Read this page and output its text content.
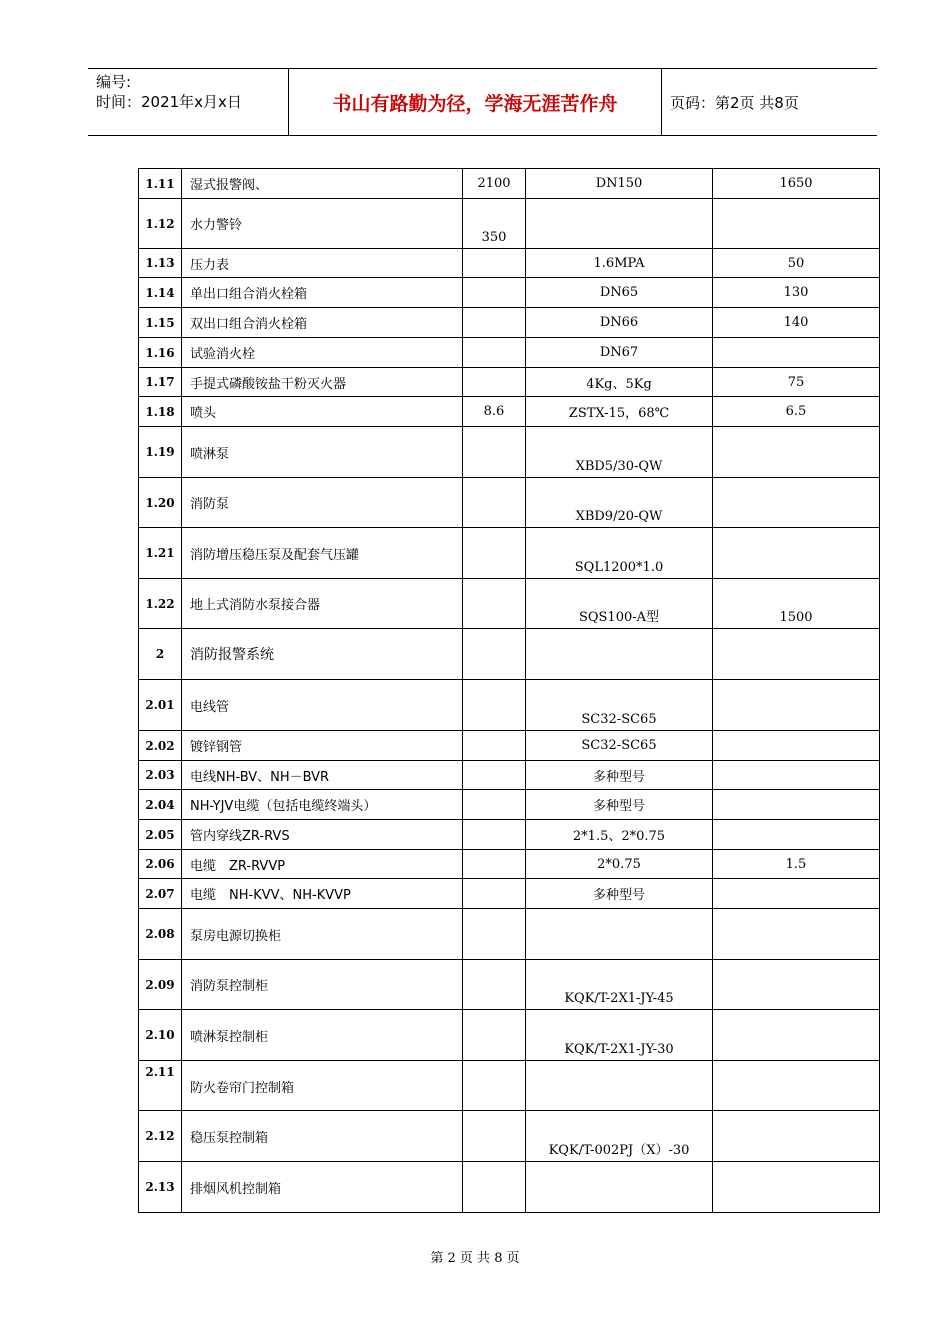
编号:
时间：2021年x月x日	书山有路勤为径，学海无涯苦作舟	页码：第2页 共8页
1.11	湿式报警阀、	2100	DN150	1650
1.12	水力警铃	350		
1.13	压力表		1.6MPA	50
1.14	单出口组合消火栓箱		DN65	130
1.15	双出口组合消火栓箱		DN66	140
1.16	试验消火栓		DN67	
1.17	手提式磷酸铵盐干粉灭火器		4Kg、5Kg	75
1.18	喷头	8.6	ZSTX-15，68℃	6.5
1.19	喷淋泵		XBD5/30-QW	
1.20	消防泵		XBD9/20-QW	
1.21	消防增压稳压泵及配套气压罐		SQL1200*1.0	
1.22	地上式消防水泵接合器		SQS100-A型	1500
2	消防报警系统			
2.01	电线管		SC32-SC65	
2.02	镀锌钢管		SC32-SC65	
2.03	电线NH-BV、NH－BVR		多种型号	
2.04	NH-YJV电缆（包括电缆终端头）		多种型号	
2.05	管内穿线ZR-RVS		2*1.5、2*0.75	
2.06	电缆　ZR-RVVP		2*0.75	1.5
2.07	电缆　NH-KVV、NH-KVVP		多种型号	
2.08	泵房电源切换柜			
2.09	消防泵控制柜		KQK/T-2X1-JY-45	
2.10	喷淋泵控制柜		KQK/T-2X1-JY-30	
2.11	防火卷帘门控制箱			
2.12	稳压泵控制箱		KQK/T-002PJ（X）-30	
2.13	排烟风机控制箱			
第 2 页 共 8 页
